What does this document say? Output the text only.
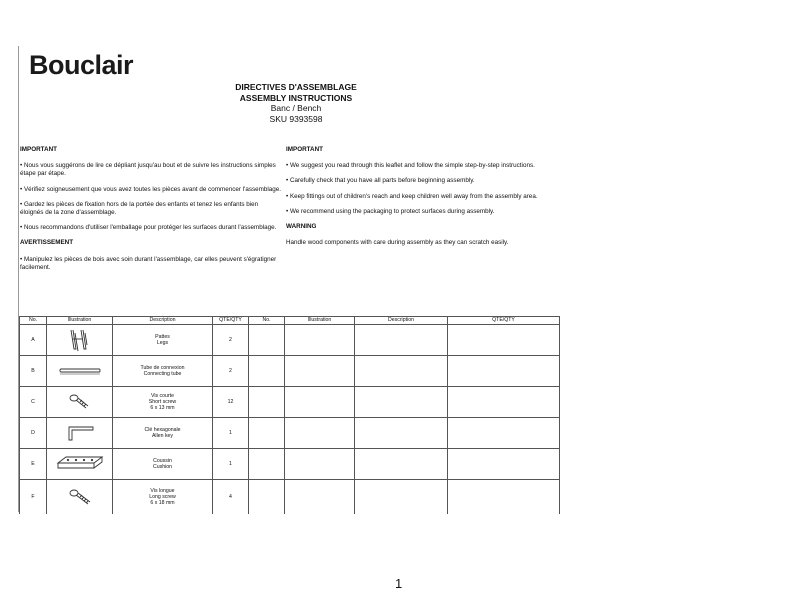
Bouclair
DIRECTIVES D'ASSEMBLAGE
ASSEMBLY INSTRUCTIONS
Banc / Bench
SKU 9393598
IMPORTANT

• Nous vous suggérons de lire ce dépliant jusqu'au bout et de suivre les instructions simples étape par étape.

• Vérifiez soigneusement que vous avez toutes les pièces avant de commencer l'assemblage.

• Gardez les pièces de fixation hors de la portée des enfants et tenez les enfants bien éloignés de la zone d'assemblage.

• Nous recommandons d'utiliser l'emballage pour protéger les surfaces durant l'assemblage.

AVERTISSEMENT

• Manipulez les pièces de bois avec soin durant l'assemblage, car elles peuvent s'égratigner facilement.

IMPORTANT

• We suggest you read through this leaflet and follow the simple step-by-step instructions.

• Carefully check that you have all parts before beginning assembly.

• Keep fittings out of children's reach and keep children well away from the assembly area.

• We recommend using the packaging to protect surfaces during assembly.

WARNING

Handle wood components with care during assembly as they can scratch easily.

No.	Illustration	Description	QTE/QTY	No.	Illustration	Description	QTE/QTY
A		Pattes
Legs	2				
B		Tube de connexion
Connecting tube	2				
C		Vis courte
Short screw
6 x 13 mm	12				
D		Clé hexagonale
Allen key	1				
E		Coussin
Cushion	1				
F		Vis longue
Long screw
6 x 18 mm	4				
1
